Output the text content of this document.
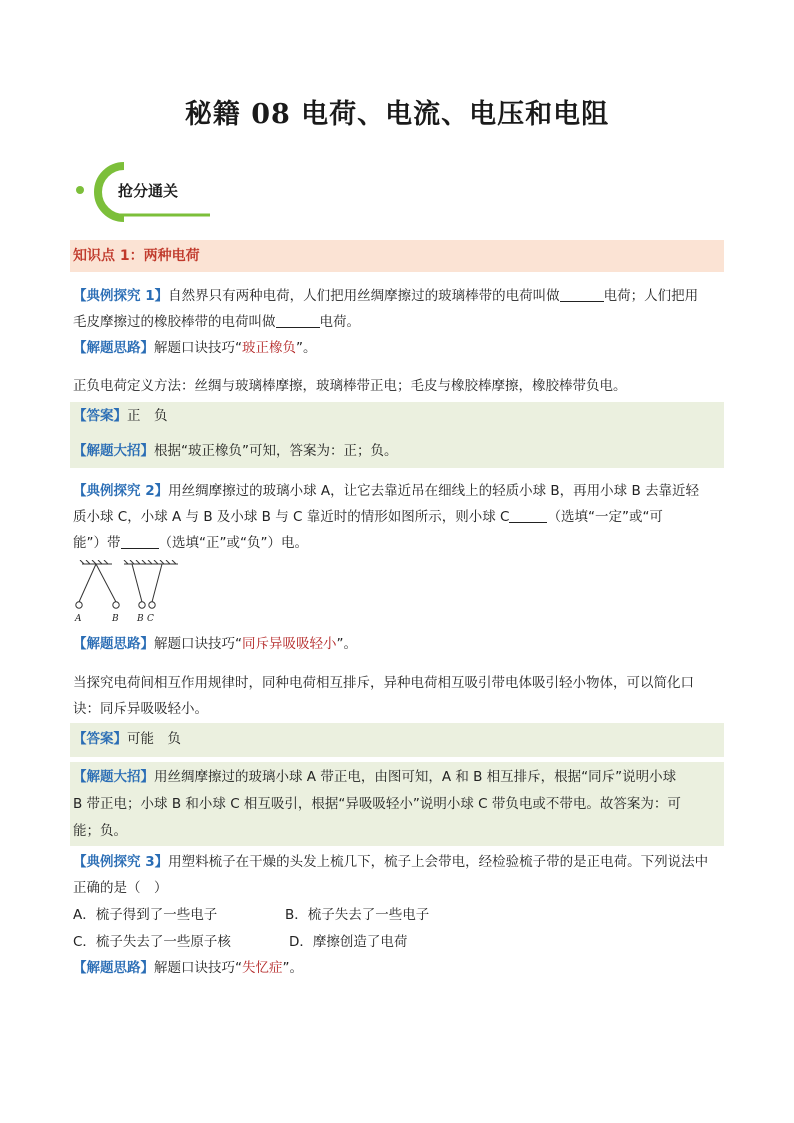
秘籍 08 电荷、电流、电压和电阻
抢分通关
知识点 1：两种电荷
【典例探究 1】自然界只有两种电荷，人们把用丝绸摩擦过的玻璃棒带的电荷叫做	电荷；人们把用
毛皮摩擦过的橡胶棒带的电荷叫做	电荷。
【解题思路】解题口诀技巧“玻正橡负”。
正负电荷定义方法：丝绸与玻璃棒摩擦，玻璃棒带正电；毛皮与橡胶棒摩擦，橡胶棒带负电。
【答案】正　负
【解题大招】根据“玻正橡负”可知，答案为：正；负。
【典例探究 2】用丝绸摩擦过的玻璃小球 A，让它去靠近吊在细线上的轻质小球 B，再用小球 B 去靠近轻
质小球 C，小球 A 与 B 及小球 B 与 C 靠近时的情形如图所示，则小球 C	（选填“一定”或“可
能”）带	（选填“正”或“负”）电。
A	B B C
【解题思路】解题口诀技巧“同斥异吸吸轻小”。
当探究电荷间相互作用规律时，同种电荷相互排斥，异种电荷相互吸引带电体吸引轻小物体，可以简化口
诀：同斥异吸吸轻小。
【答案】可能　负
【解题大招】用丝绸摩擦过的玻璃小球 A 带正电，由图可知，A 和 B 相互排斥，根据“同斥”说明小球
B 带正电；小球 B 和小球 C 相互吸引，根据“异吸吸轻小”说明小球 C 带负电或不带电。故答案为：可
能；负。
【典例探究 3】用塑料梳子在干燥的头发上梳几下，梳子上会带电，经检验梳子带的是正电荷。下列说法中
正确的是（　）
A．梳子得到了一些电子	B．梳子失去了一些电子
C．梳子失去了一些原子核	D．摩擦创造了电荷
【解题思路】解题口诀技巧“失忆症”。
